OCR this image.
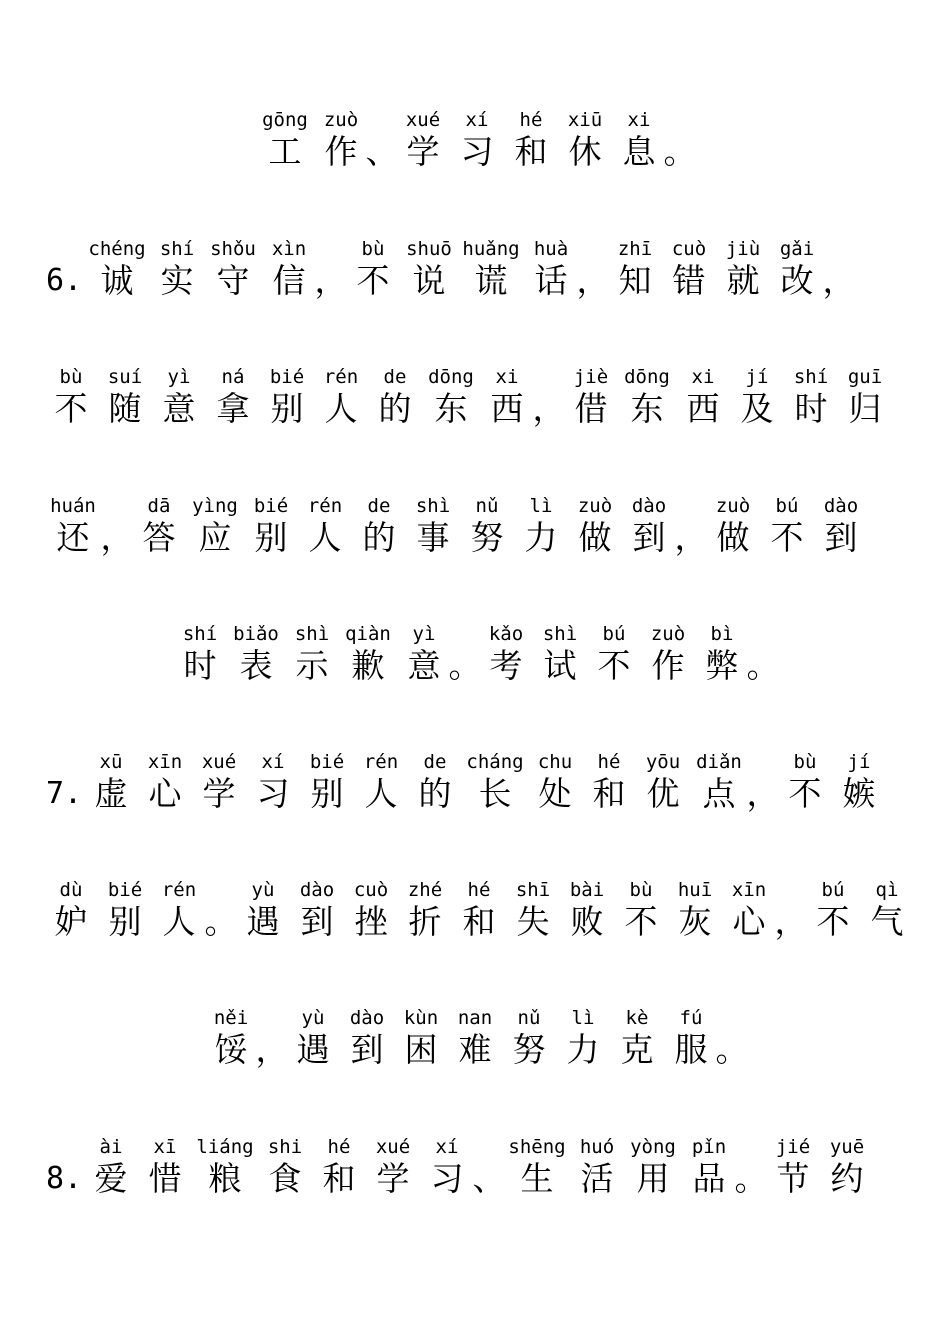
gōng
工
zuò
作 、
xué
学
xí
习
hé
和
xiū
休
xi
息 。
6.
chéng
诚
shí
实
shǒu
守
xìn
信 ，
bù
不
shuō
说
huǎng
谎
huà
话 ，
zhī
知
cuò
错
jiù
就
gǎi
改 ，
bù
不
suí
随
yì
意
ná
拿
bié
别
rén
人
de
的
dōng
东
xi
西 ，
jiè
借
dōng
东
xi
西
jí
及
shí
时
guī
归
huán
还 ，
dā
答
yìng
应
bié
别
rén
人
de
的
shì
事
nǔ
努
lì
力
zuò
做
dào
到 ，
zuò
做
bú
不
dào
到
shí
时
biǎo
表
shì
示
qiàn
歉
yì
意 。
kǎo
考
shì
试
bú
不
zuò
作
bì
弊 。
7.
xū
虚
xīn
心
xué
学
xí
习
bié
别
rén
人
de
的
cháng
长
chu
处
hé
和
yōu
优
diǎn
点 ，
bù
不
jí
嫉
dù
妒
bié
别
rén
人 。
yù
遇
dào
到
cuò
挫
zhé
折
hé
和
shī
失
bài
败
bù
不
huī
灰
xīn
心 ，
bú
不
qì
气
něi
馁 ，
yù
遇
dào
到
kùn
困
nan
难
nǔ
努
lì
力
kè
克
fú
服 。
8.
ài
爱
xī
惜
liáng
粮
shi
食
hé
和
xué
学
xí
习 、
shēng
生
huó
活
yòng
用
pǐn
品 。
jié
节
yuē
约
